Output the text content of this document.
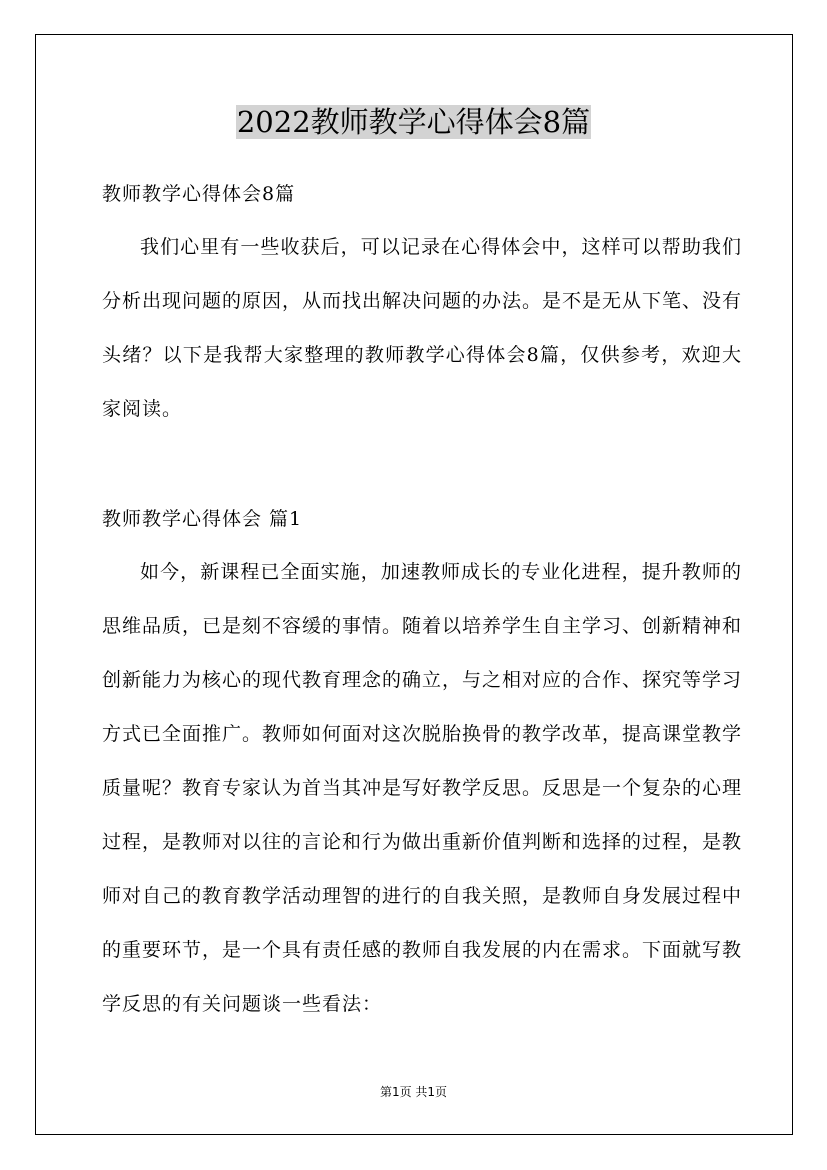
2022教师教学心得体会8篇
教师教学心得体会8篇
我们心里有一些收获后，可以记录在心得体会中，这样可以帮助我们分析出现问题的原因，从而找出解决问题的办法。是不是无从下笔、没有头绪？以下是我帮大家整理的教师教学心得体会8篇，仅供参考，欢迎大家阅读。
教师教学心得体会 篇1
如今，新课程已全面实施，加速教师成长的专业化进程，提升教师的思维品质，已是刻不容缓的事情。随着以培养学生自主学习、创新精神和创新能力为核心的现代教育理念的确立，与之相对应的合作、探究等学习方式已全面推广。教师如何面对这次脱胎换骨的教学改革，提高课堂教学质量呢？教育专家认为首当其冲是写好教学反思。反思是一个复杂的心理过程，是教师对以往的言论和行为做出重新价值判断和选择的过程，是教师对自己的教育教学活动理智的进行的自我关照，是教师自身发展过程中的重要环节，是一个具有责任感的教师自我发展的内在需求。下面就写教学反思的有关问题谈一些看法：
第1页 共1页
